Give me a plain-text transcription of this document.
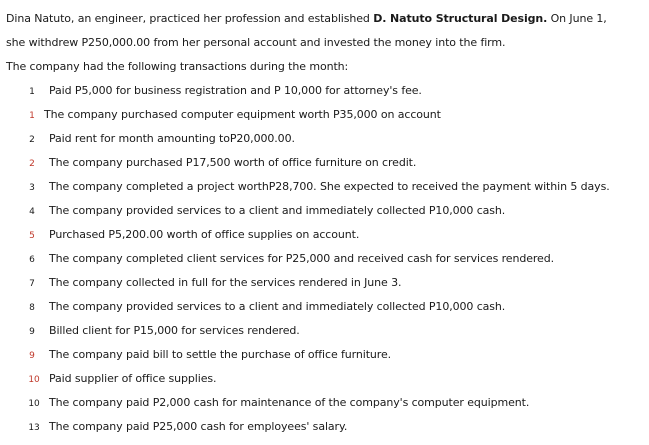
Dina Natuto, an engineer, practiced her profession and established D. Natuto Structural Design. On June 1,
she withdrew P250,000.00 from her personal account and invested the money into the firm.
The company had the following transactions during the month:
1	Paid P5,000 for business registration and P 10,000 for attorney's fee.
1 The company purchased computer equipment worth P35,000 on account
2	Paid rent for month amounting toP20,000.00.
2	The company purchased P17,500 worth of office furniture on credit.
3	The company completed a project worthP28,700. She expected to received the payment within 5 days.
4	The company provided services to a client and immediately collected P10,000 cash.
5	Purchased P5,200.00 worth of office supplies on account.
6	The company completed client services for P25,000 and received cash for services rendered.
7	The company collected in full for the services rendered in June 3.
8	The company provided services to a client and immediately collected P10,000 cash.
9	Billed client for P15,000 for services rendered.
9	The company paid bill to settle the purchase of office furniture.
10 Paid supplier of office supplies.
10 The company paid P2,000 cash for maintenance of the company's computer equipment.
13 The company paid P25,000 cash for employees' salary.
